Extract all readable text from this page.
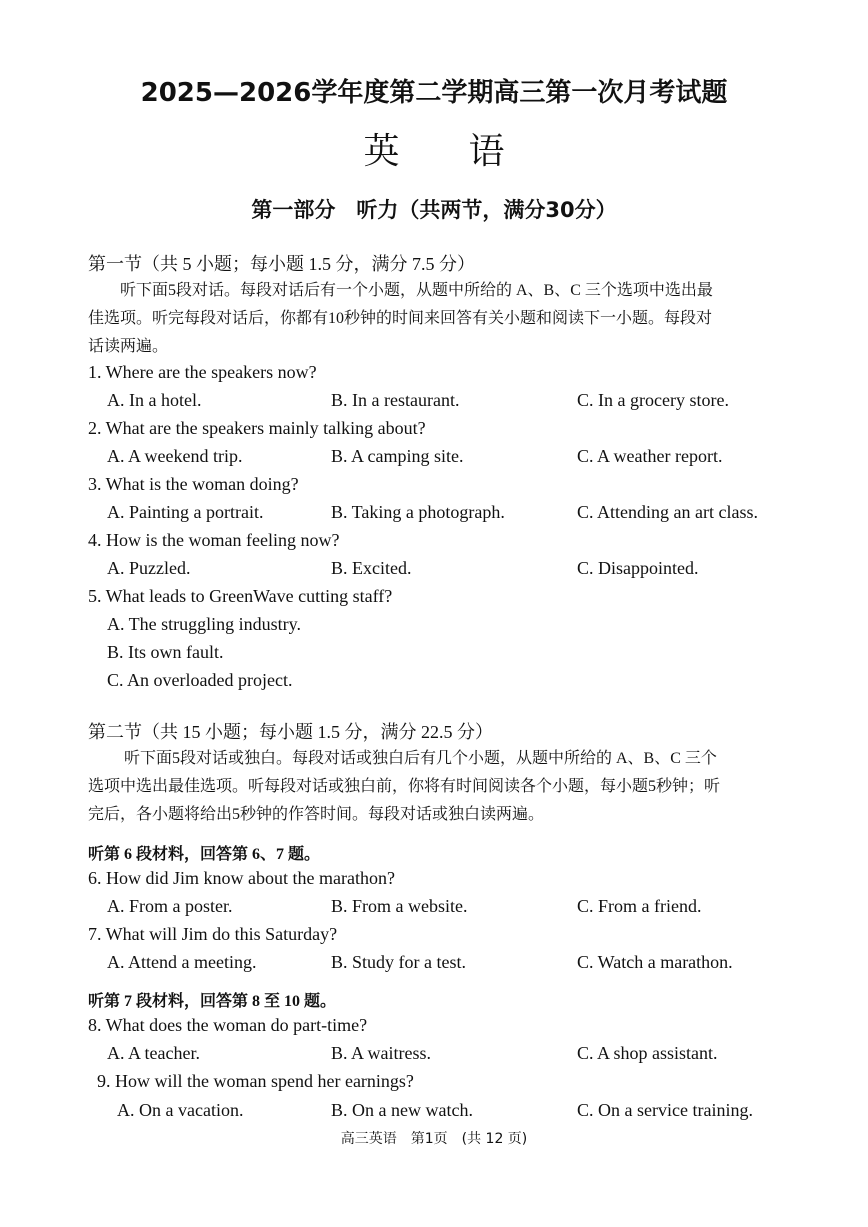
2025—2026学年度第二学期高三第一次月考试题
英 语
第一部分　听力（共两节，满分30分）
第一节（共 5 小题；每小题 1.5 分，满分 7.5 分）
听下面5段对话。每段对话后有一个小题，从题中所给的 A、B、C 三个选项中选出最
佳选项。听完每段对话后，你都有10秒钟的时间来回答有关小题和阅读下一小题。每段对
话读两遍。
1. Where are the speakers now?
A. In a hotel.	B. In a restaurant.	C. In a grocery store.
2. What are the speakers mainly talking about?
A. A weekend trip.	B. A camping site.	C. A weather report.
3. What is the woman doing?
A. Painting a portrait.	B. Taking a photograph.	C. Attending an art class.
4. How is the woman feeling now?
A. Puzzled.	B. Excited.	C. Disappointed.
5. What leads to GreenWave cutting staff?
A. The struggling industry.
B. Its own fault.
C. An overloaded project.
第二节（共 15 小题；每小题 1.5 分，满分 22.5 分）
听下面5段对话或独白。每段对话或独白后有几个小题，从题中所给的 A、B、C 三个
选项中选出最佳选项。听每段对话或独白前，你将有时间阅读各个小题，每小题5秒钟；听
完后，各小题将给出5秒钟的作答时间。每段对话或独白读两遍。
听第 6 段材料，回答第 6、7 题。
6. How did Jim know about the marathon?
A. From a poster.	B. From a website.	C. From a friend.
7. What will Jim do this Saturday?
A. Attend a meeting.	B. Study for a test.	C. Watch a marathon.
听第 7 段材料，回答第 8 至 10 题。
8. What does the woman do part-time?
A. A teacher.	B. A waitress.	C. A shop assistant.
9. How will the woman spend her earnings?
A. On a vacation.	B. On a new watch.	C. On a service training.
高三英语　第1页　(共 12 页)
